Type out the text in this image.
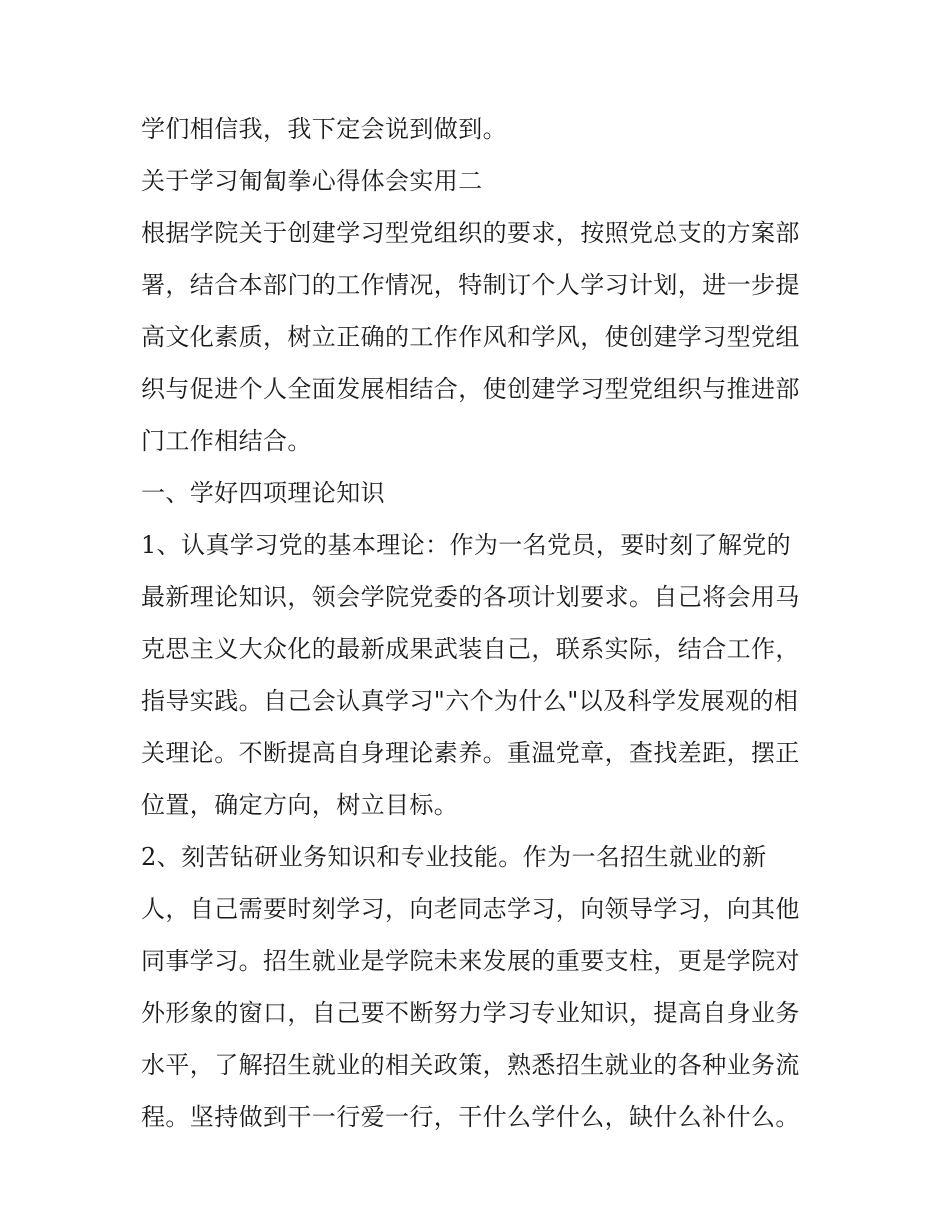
学们相信我，我下定会说到做到。
关于学习匍匐拳心得体会实用二
根据学院关于创建学习型党组织的要求，按照党总支的方案部
署，结合本部门的工作情况，特制订个人学习计划，进一步提
高文化素质，树立正确的工作作风和学风，使创建学习型党组
织与促进个人全面发展相结合，使创建学习型党组织与推进部
门工作相结合。
一、学好四项理论知识
1、认真学习党的基本理论：作为一名党员，要时刻了解党的
最新理论知识，领会学院党委的各项计划要求。自己将会用马
克思主义大众化的最新成果武装自己，联系实际，结合工作，
指导实践。自己会认真学习"六个为什么"以及科学发展观的相
关理论。不断提高自身理论素养。重温党章，查找差距，摆正
位置，确定方向，树立目标。
2、刻苦钻研业务知识和专业技能。作为一名招生就业的新
人，自己需要时刻学习，向老同志学习，向领导学习，向其他
同事学习。招生就业是学院未来发展的重要支柱，更是学院对
外形象的窗口，自己要不断努力学习专业知识，提高自身业务
水平，了解招生就业的相关政策，熟悉招生就业的各种业务流
程。坚持做到干一行爱一行，干什么学什么，缺什么补什么。
